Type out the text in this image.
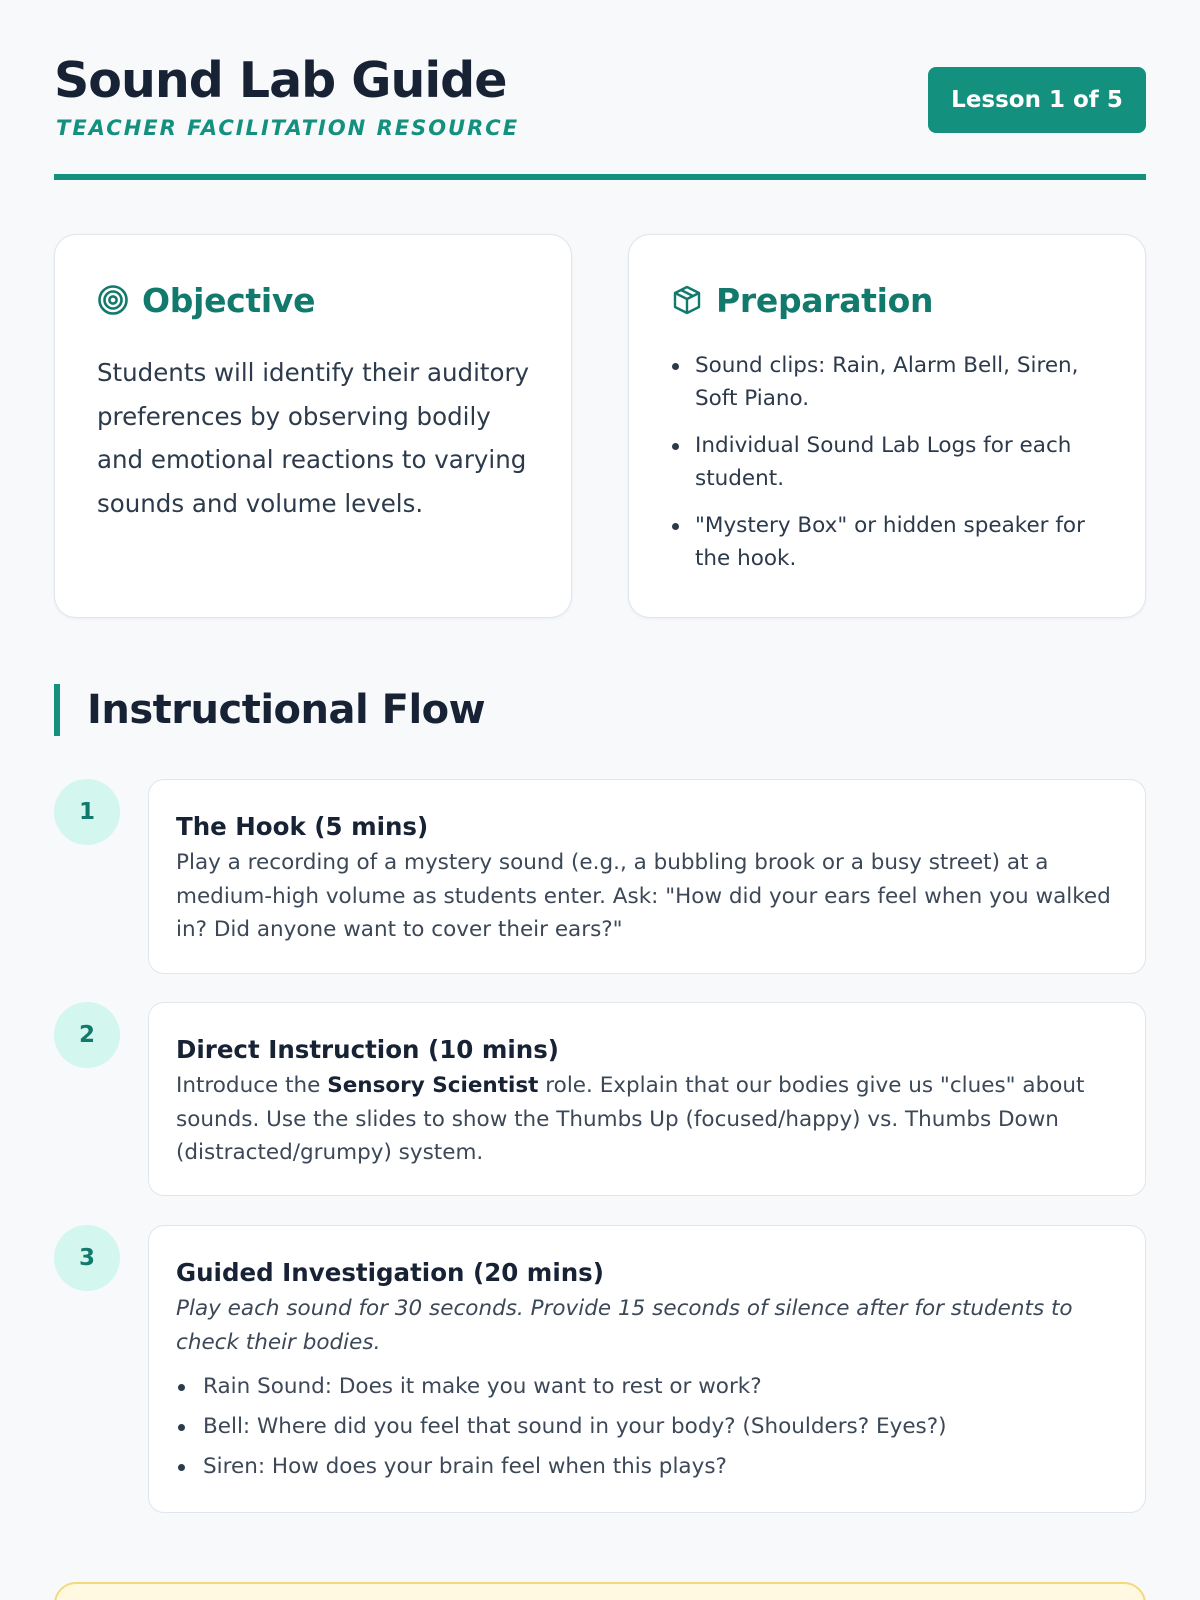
Sound Lab Guide
TEACHER FACILITATION RESOURCE
Lesson 1 of 5
Objective

Students will identify their auditory preferences by observing bodily and emotional reactions to varying sounds and volume levels.

Preparation
Sound clips: Rain, Alarm Bell, Siren, Soft Piano.
Individual Sound Lab Logs for each student.
"Mystery Box" or hidden speaker for the hook.
Instructional Flow
1	The Hook (5 mins)

Play a recording of a mystery sound (e.g., a bubbling brook or a busy street) at a medium-high volume as students enter. Ask: "How did your ears feel when you walked in? Did anyone want to cover their ears?"

2	Direct Instruction (10 mins)

Introduce the Sensory Scientist role. Explain that our bodies give us "clues" about sounds. Use the slides to show the Thumbs Up (focused/happy) vs. Thumbs Down (distracted/grumpy) system.

3	Guided Investigation (20 mins)

Play each sound for 30 seconds. Provide 15 seconds of silence after for students to check their bodies.

Rain Sound: Does it make you want to rest or work?
Bell: Where did you feel that sound in your body? (Shoulders? Eyes?)
Siren: How does your brain feel when this plays?
